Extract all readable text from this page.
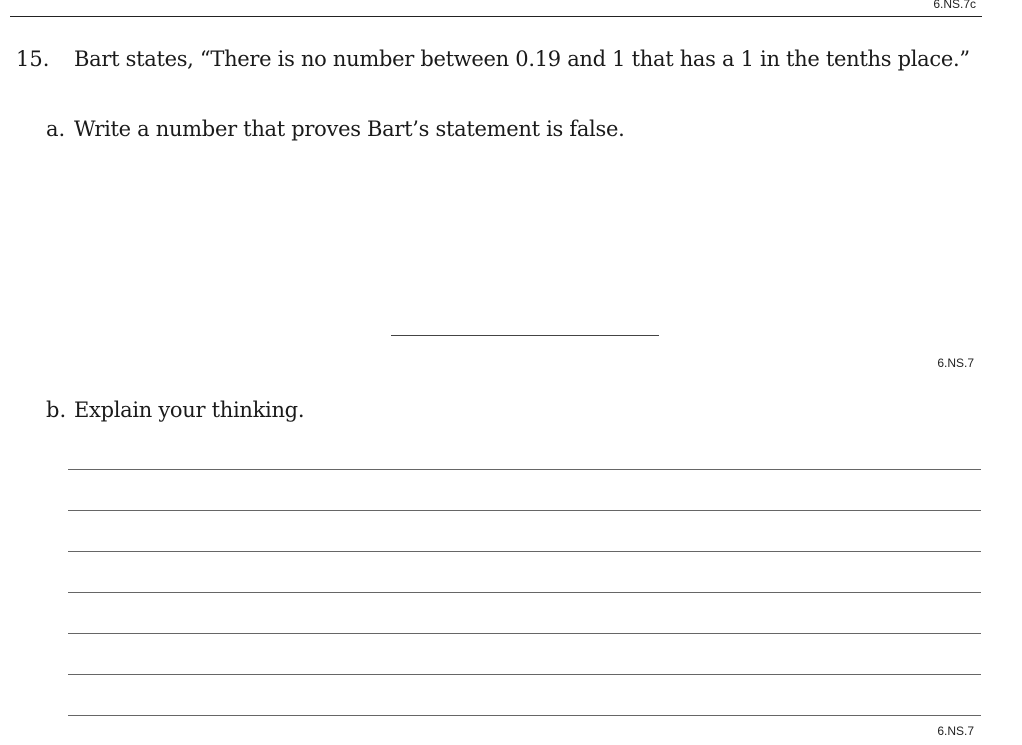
6.NS.7c
15. Bart states, “There is no number between 0.19 and 1 that has a 1 in the tenths place.”
a. Write a number that proves Bart’s statement is false.
6.NS.7
b. Explain your thinking.
6.NS.7
